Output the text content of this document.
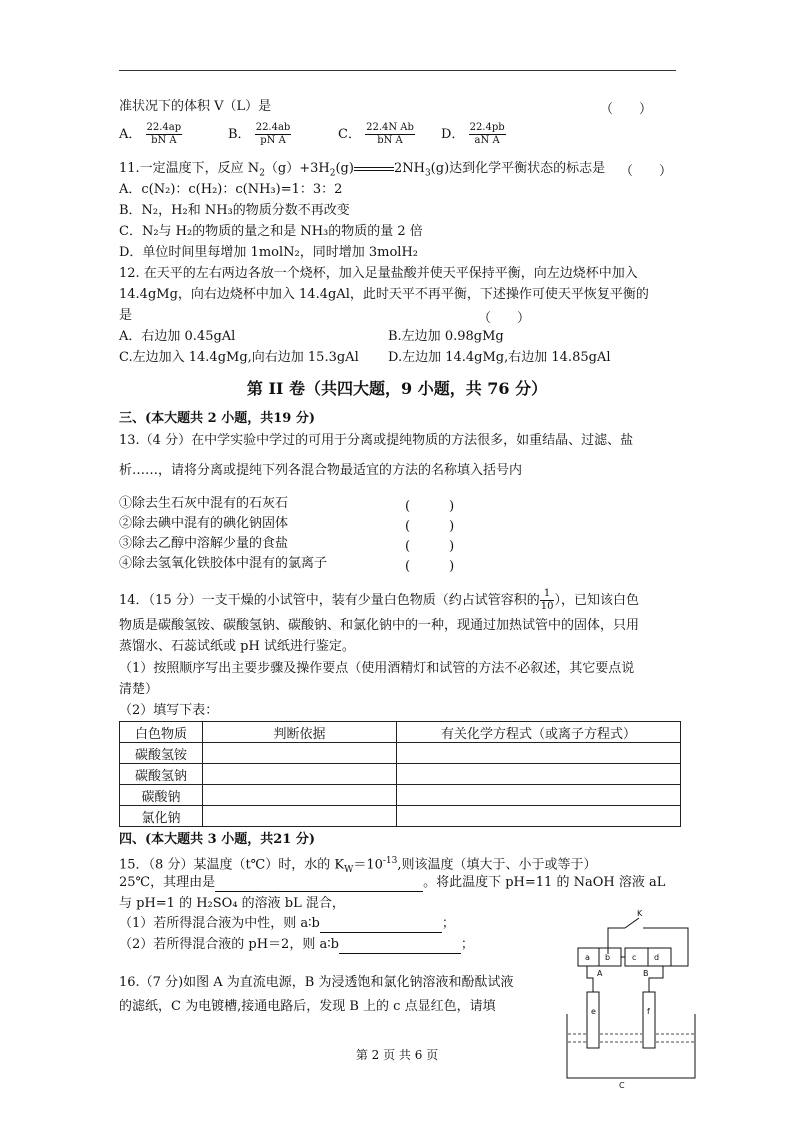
准状况下的体积 V（L）是	（　　）
A． $\frac{22.4ap}{\text{bN A}}$	B． $\frac{22.4ab}{\text{pN A}}$	C． $\frac{\text{22.4N Ab}}{\text{bN A}}$ D． $\frac{22.4pb}{\text{aN A}}$
11.一定温度下，反应 $N_2(g)+3H_2(g)$	$2NH_3(g)$达到化学平衡状态的标志是 （　　）
A．c(N₂)：c(H₂)：c(NH₃)=1：3：2
B．N₂，H₂和 NH₃的物质分数不再改变
C．N₂与 H₂的物质的量之和是 NH₃的物质的量 2 倍
D．单位时间里每增加 1molN₂，同时增加 3molH₂
12. 在天平的左右两边各放一个烧杯，加入足量盐酸并使天平保持平衡，向左边烧杯中加入
14.4gMg，向右边烧杯中加入 14.4gAl，此时天平不再平衡，下述操作可使天平恢复平衡的
是	（　　）
A．右边加 0.45gAl	B.左边加 0.98gMg
C.左边加入 14.4gMg,向右边加 15.3gAl D.左边加 14.4gMg,右边加 14.85gAl
第 II 卷（共四大题，9 小题，共 76 分）
三、(本大题共 2 小题，共19 分)
13.（4 分）在中学实验中学过的可用于分离或提纯物质的方法很多，如重结晶、过滤、盐
析……，请将分离或提纯下列各混合物最适宜的方法的名称填入括号内
①除去生石灰中混有的石灰石	(　　　)
②除去碘中混有的碘化钠固体	(　　　)
③除去乙醇中溶解少量的食盐	(　　　)
④除去氢氧化铁胶体中混有的氯离子	(　　　)
14．（15 分）一支干燥的小试管中，装有少量白色物质（约占试管容积的 $\frac{1}{10}$ ），已知该白色
物质是碳酸氢铵、碳酸氢钠、碳酸钠、和氯化钠中的一种，现通过加热试管中的固体，只用
蒸馏水、石蕊试纸或 pH 试纸进行鉴定。
（1）按照顺序写出主要步骤及操作要点（使用酒精灯和试管的方法不必叙述，其它要点说
清楚）
（2）填写下表：
白色物质	判断依据	有关化学方程式（或离子方程式）
碳酸氢铵		
碳酸氢钠		
碳酸钠		
氯化钠		
四、(本大题共 3 小题，共21 分)
15．（8 分）某温度（t℃）时，水的 $K_W=10^{-13}$,则该温度（填大于、小于或等于）
25℃，其理由是	。将此温度下 pH=11 的 NaOH 溶液 aL
与 pH=1 的 H₂SO₄ 的溶液 bL 混合，
（1）若所得混合液为中性，则 a∶b	；
（2）若所得混合液的 pH＝2，则 a∶b	；
16.（7 分)如图 A 为直流电源，B 为浸透饱和氯化钠溶液和酚酞试液
的滤纸，C 为电镀槽,接通电路后，发现 B 上的 c 点显红色，请填
K
a b	c d
A	B
e	f
C
第 2 页 共 6 页
